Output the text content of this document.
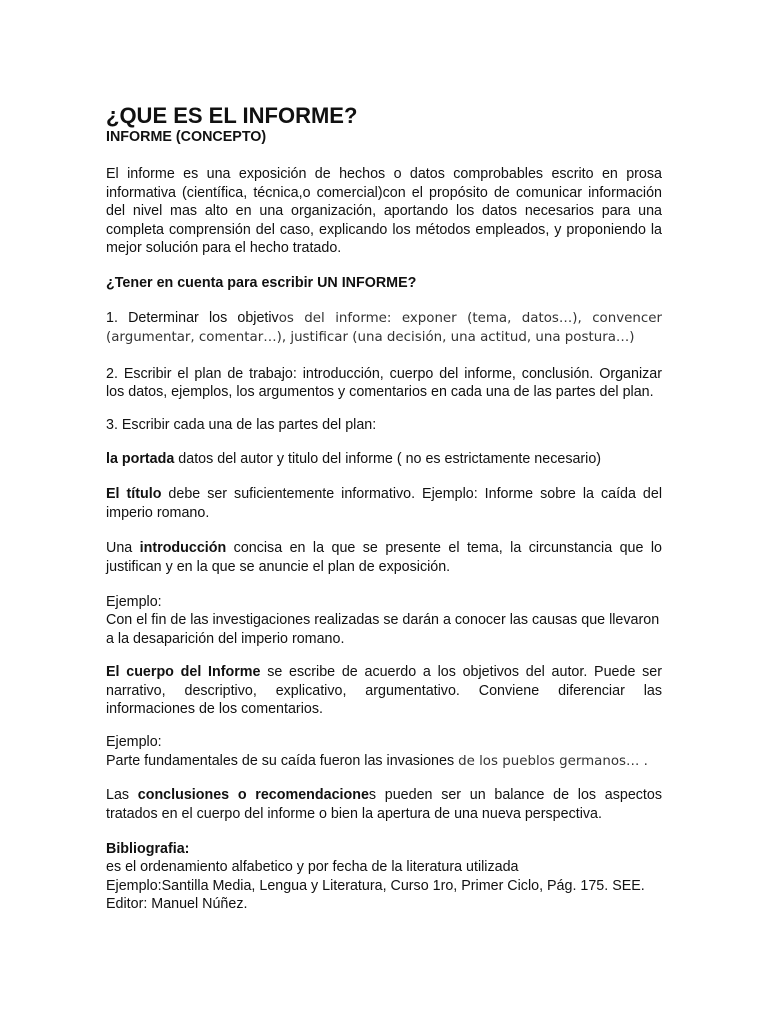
¿QUE ES EL INFORME?
INFORME (CONCEPTO)

El informe es una exposición de hechos o datos comprobables escrito en prosa informativa (científica, técnica,o comercial)con el propósito de comunicar información del nivel mas alto en una organización, aportando los datos necesarios para una completa comprensión del caso, explicando los métodos empleados, y proponiendo la mejor solución para el hecho tratado.

¿Tener en cuenta para escribir UN INFORME?

1. Determinar los objetivos del informe: exponer (tema, datos…), convencer (argumentar, comentar…), justificar (una decisión, una actitud, una postura…)

2. Escribir el plan de trabajo: introducción, cuerpo del informe, conclusión. Organizar los datos, ejemplos, los argumentos y comentarios en cada una de las partes del plan.

3. Escribir cada una de las partes del plan:

la portada datos del autor y titulo del informe ( no es estrictamente necesario)

El título debe ser suficientemente informativo. Ejemplo: Informe sobre la caída del imperio romano.

Una introducción concisa en la que se presente el tema, la circunstancia que lo justifican y en la que se anuncie el plan de exposición.

Ejemplo:

Con el fin de las investigaciones realizadas se darán a conocer las causas que llevaron a la desaparición del imperio romano.

El cuerpo del Informe se escribe de acuerdo a los objetivos del autor. Puede ser narrativo, descriptivo, explicativo, argumentativo. Conviene diferenciar las informaciones de los comentarios.

Ejemplo:

Parte fundamentales de su caída fueron las invasiones de los pueblos germanos… .

Las conclusiones o recomendaciones pueden ser un balance de los aspectos tratados en el cuerpo del informe o bien la apertura de una nueva perspectiva.

Bibliografia:

es el ordenamiento alfabetico y por fecha de la literatura utilizada

Ejemplo:Santilla Media, Lengua y Literatura, Curso 1ro, Primer Ciclo, Pág. 175. SEE.

Editor: Manuel Núñez.
